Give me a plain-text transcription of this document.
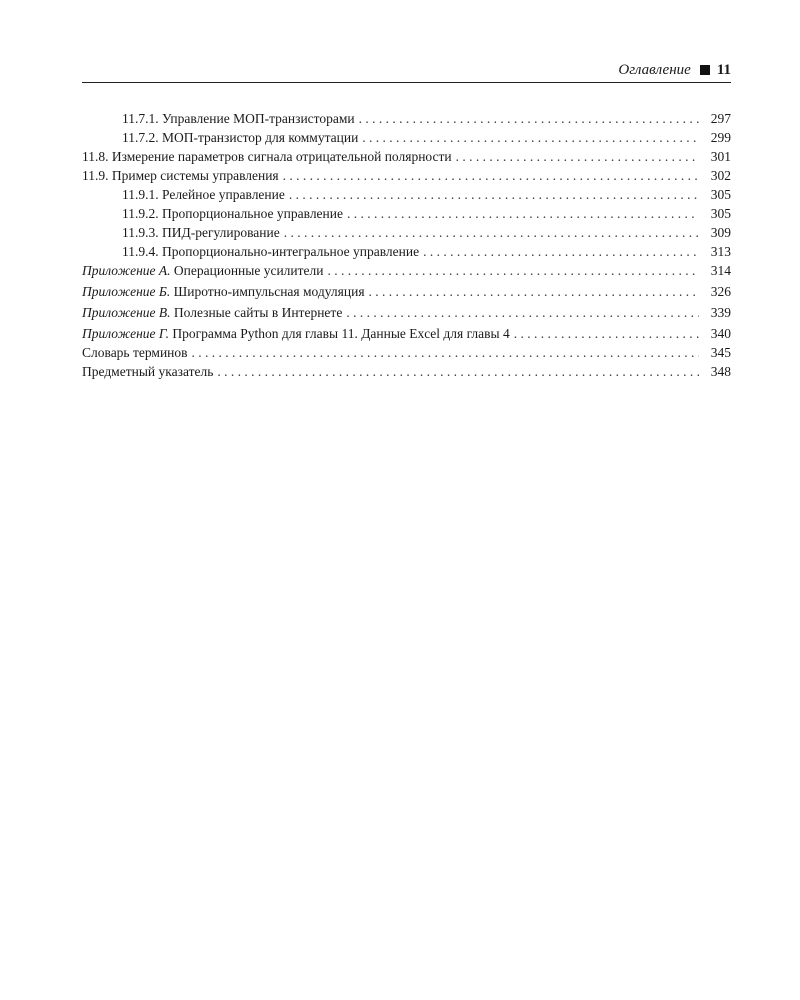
Оглавление 11
11.7.1. Управление МОП-транзисторами . . .	297
11.7.2. МОП-транзистор для коммутации . . .	299
11.8. Измерение параметров сигнала отрицательной полярности . . .	301
11.9. Пример системы управления . . .	302
11.9.1. Релейное управление . . .	305
11.9.2. Пропорциональное управление . . .	305
11.9.3. ПИД-регулирование . . .	309
11.9.4. Пропорционально-интегральное управление . . .	313
Приложение А. Операционные усилители . . .	314
Приложение Б. Широтно-импульсная модуляция . . .	326
Приложение В. Полезные сайты в Интернете . . .	339
Приложение Г. Программа Python для главы 11. Данные Excel для главы 4 . . .	340
Словарь терминов . . .	345
Предметный указатель . . .	348
